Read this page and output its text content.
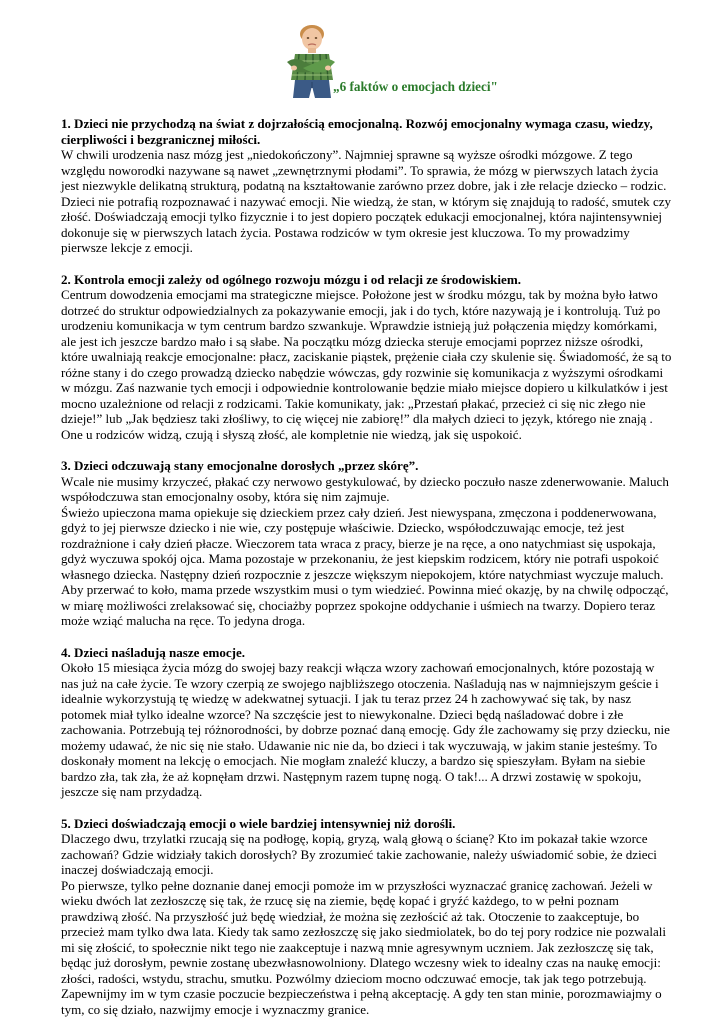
„6 faktów o emocjach dzieci"
1. Dzieci nie przychodzą na świat z dojrzałością emocjonalną. Rozwój emocjonalny wymaga czasu, wiedzy, cierpliwości i bezgranicznej miłości.

W chwili urodzenia nasz mózg jest „niedokończony”. Najmniej sprawne są wyższe ośrodki mózgowe. Z tego względu noworodki nazywane są nawet „zewnętrznymi płodami”. To sprawia, że mózg w pierwszych latach życia jest niezwykle delikatną strukturą, podatną na kształtowanie zarówno przez dobre, jak i złe relacje dziecko – rodzic. Dzieci nie potrafią rozpoznawać i nazywać emocji. Nie wiedzą, że stan, w którym się znajdują to radość, smutek czy złość. Doświadczają emocji tylko fizycznie i to jest dopiero początek edukacji emocjonalnej, która najintensywniej dokonuje się w pierwszych latach życia. Postawa rodziców w tym okresie jest kluczowa. To my prowadzimy pierwsze lekcje z emocji.

2. Kontrola emocji zależy od ogólnego rozwoju mózgu i od relacji ze środowiskiem.

Centrum dowodzenia emocjami ma strategiczne miejsce. Położone jest w środku mózgu, tak by można było łatwo dotrzeć do struktur odpowiedzialnych za pokazywanie emocji, jak i do tych, które nazywają je i kontrolują. Tuż po urodzeniu komunikacja w tym centrum bardzo szwankuje. Wprawdzie istnieją już połączenia między komórkami, ale jest ich jeszcze bardzo mało i są słabe. Na początku mózg dziecka steruje emocjami poprzez niższe ośrodki, które uwalniają reakcje emocjonalne: płacz, zaciskanie piąstek, prężenie ciała czy skulenie się. Świadomość, że są to różne stany i do czego prowadzą dziecko nabędzie wówczas, gdy rozwinie się komunikacja z wyższymi ośrodkami w mózgu. Zaś nazwanie tych emocji i odpowiednie kontrolowanie będzie miało miejsce dopiero u kilkulatków i jest mocno uzależnione od relacji z rodzicami. Takie komunikaty, jak: „Przestań płakać, przecież ci się nic złego nie dzieje!” lub „Jak będziesz taki złośliwy, to cię więcej nie zabiorę!” dla małych dzieci to język, którego nie znają . One u rodziców widzą, czują i słyszą złość, ale kompletnie nie wiedzą, jak się uspokoić.

3. Dzieci odczuwają stany emocjonalne dorosłych „przez skórę”.

Wcale nie musimy krzyczeć, płakać czy nerwowo gestykulować, by dziecko poczuło nasze zdenerwowanie. Maluch współodczuwa stan emocjonalny osoby, która się nim zajmuje.

Świeżo upieczona mama opiekuje się dzieckiem przez cały dzień. Jest niewyspana, zmęczona i poddenerwowana, gdyż to jej pierwsze dziecko i nie wie, czy postępuje właściwie. Dziecko, współodczuwając emocje, też jest rozdrażnione i cały dzień płacze. Wieczorem tata wraca z pracy, bierze je na ręce, a ono natychmiast się uspokaja, gdyż wyczuwa spokój ojca. Mama pozostaje w przekonaniu, że jest kiepskim rodzicem, który nie potrafi uspokoić własnego dziecka. Następny dzień rozpocznie z jeszcze większym niepokojem, które natychmiast wyczuje maluch. Aby przerwać to koło, mama przede wszystkim musi o tym wiedzieć. Powinna mieć okazję, by na chwilę odpocząć, w miarę możliwości zrelaksować się, chociażby poprzez spokojne oddychanie i uśmiech na twarzy. Dopiero teraz może wziąć malucha na ręce. To jedyna droga.

4. Dzieci naśladują nasze emocje.

Około 15 miesiąca życia mózg do swojej bazy reakcji włącza wzory zachowań emocjonalnych, które pozostają w nas już na całe życie. Te wzory czerpią ze swojego najbliższego otoczenia. Naśladują nas w najmniejszym geście i idealnie wykorzystują tę wiedzę w adekwatnej sytuacji. I jak tu teraz przez 24 h zachowywać się tak, by nasz potomek miał tylko idealne wzorce? Na szczęście jest to niewykonalne. Dzieci będą naśladować dobre i złe zachowania. Potrzebują tej różnorodności, by dobrze poznać daną emocję. Gdy źle zachowamy się przy dziecku, nie możemy udawać, że nic się nie stało. Udawanie nic nie da, bo dzieci i tak wyczuwają, w jakim stanie jesteśmy. To doskonały moment na lekcję o emocjach. Nie mogłam znaleźć kluczy, a bardzo się spieszyłam. Byłam na siebie bardzo zła, tak zła, że aż kopnęłam drzwi. Następnym razem tupnę nogą. O tak!... A drzwi zostawię w spokoju, jeszcze się nam przydadzą.

5. Dzieci doświadczają emocji o wiele bardziej intensywniej niż dorośli.

Dlaczego dwu, trzylatki rzucają się na podłogę, kopią, gryzą, walą głową o ścianę? Kto im pokazał takie wzorce zachowań? Gdzie widziały takich dorosłych? By zrozumieć takie zachowanie, należy uświadomić sobie, że dzieci inaczej doświadczają emocji.

Po pierwsze, tylko pełne doznanie danej emocji pomoże im w przyszłości wyznaczać granicę zachowań. Jeżeli w wieku dwóch lat zezłoszczę się tak, że rzucę się na ziemie, będę kopać i gryźć każdego, to w pełni poznam prawdziwą złość. Na przyszłość już będę wiedział, że można się zezłościć aż tak. Otoczenie to zaakceptuje, bo przecież mam tylko dwa lata. Kiedy tak samo zezłoszczę się jako siedmiolatek, bo do tej pory rodzice nie pozwalali mi się złościć, to społecznie nikt tego nie zaakceptuje i nazwą mnie agresywnym uczniem. Jak zezłoszczę się tak, będąc już dorosłym, pewnie zostanę ubezwłasnowolniony. Dlatego wczesny wiek to idealny czas na naukę emocji: złości, radości, wstydu, strachu, smutku. Pozwólmy dzieciom mocno odczuwać emocje, tak jak tego potrzebują. Zapewnijmy im w tym czasie poczucie bezpieczeństwa i pełną akceptację. A gdy ten stan minie, porozmawiajmy o tym, co się działo, nazwijmy emocje i wyznaczmy granice.
